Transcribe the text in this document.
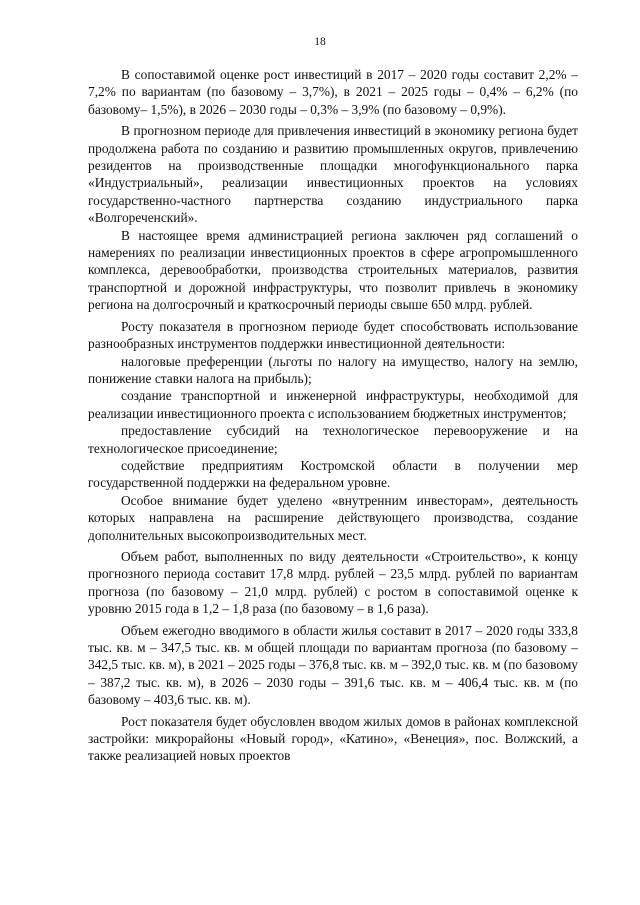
18

В сопоставимой оценке рост инвестиций в 2017 – 2020 годы составит 2,2% – 7,2% по вариантам (по базовому – 3,7%), в 2021 – 2025 годы – 0,4% – 6,2% (по базовому– 1,5%), в 2026 – 2030 годы – 0,3% – 3,9% (по базовому – 0,9%).

В прогнозном периоде для привлечения инвестиций в экономику региона будет продолжена работа по созданию и развитию промышленных округов, привлечению резидентов на производственные площадки многофункционального парка «Индустриальный», реализации инвестиционных проектов на условиях государственно-частного партнерства созданию индустриального парка «Волгореченский».

В настоящее время администрацией региона заключен ряд соглашений о намерениях по реализации инвестиционных проектов в сфере агропромышленного комплекса, деревообработки, производства строительных материалов, развития транспортной и дорожной инфраструктуры, что позволит привлечь в экономику региона на долгосрочный и краткосрочный периоды свыше 650 млрд. рублей.

Росту показателя в прогнозном периоде будет способствовать использование разнообразных инструментов поддержки инвестиционной деятельности:

налоговые преференции (льготы по налогу на имущество, налогу на землю, понижение ставки налога на прибыль);

создание транспортной и инженерной инфраструктуры, необходимой для реализации инвестиционного проекта с использованием бюджетных инструментов;

предоставление субсидий на технологическое перевооружение и на технологическое присоединение;

содействие предприятиям Костромской области в получении мер государственной поддержки на федеральном уровне.

Особое внимание будет уделено «внутренним инвесторам», деятельность которых направлена на расширение действующего производства, создание дополнительных высокопроизводительных мест.

Объем работ, выполненных по виду деятельности «Строительство», к концу прогнозного периода составит 17,8 млрд. рублей – 23,5 млрд. рублей по вариантам прогноза (по базовому – 21,0 млрд. рублей) с ростом в сопоставимой оценке к уровню 2015 года в 1,2 – 1,8 раза (по базовому – в 1,6 раза).

Объем ежегодно вводимого в области жилья составит в 2017 – 2020 годы 333,8 тыс. кв. м – 347,5 тыс. кв. м общей площади по вариантам прогноза (по базовому – 342,5 тыс. кв. м), в 2021 – 2025 годы – 376,8 тыс. кв. м – 392,0 тыс. кв. м (по базовому – 387,2 тыс. кв. м), в 2026 – 2030 годы – 391,6 тыс. кв. м – 406,4 тыс. кв. м (по базовому – 403,6 тыс. кв. м).

Рост показателя будет обусловлен вводом жилых домов в районах комплексной застройки: микрорайоны «Новый город», «Катино», «Венеция», пос. Волжский, а также реализацией новых проектов
